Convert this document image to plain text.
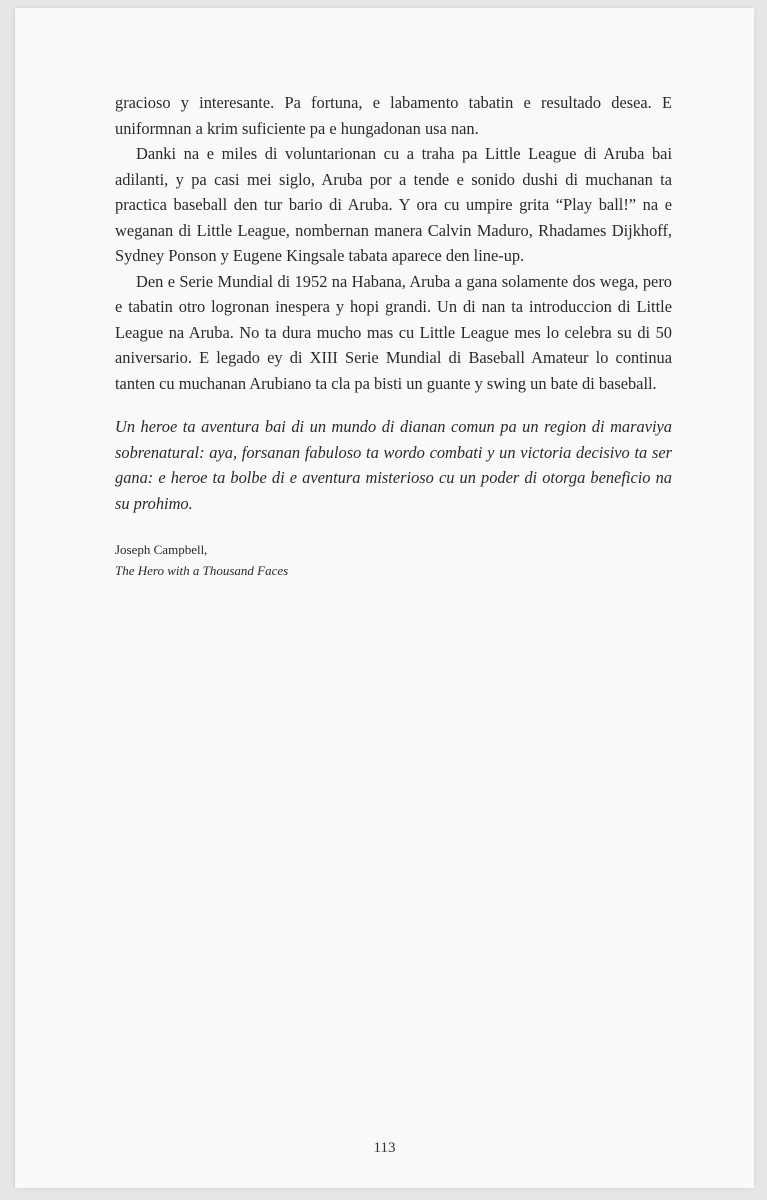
gracioso y interesante. Pa fortuna, e labamento tabatin e resultado desea. E uniformnan a krim suficiente pa e hungadonan usa nan.

Danki na e miles di voluntarionan cu a traha pa Little League di Aruba bai adilanti, y pa casi mei siglo, Aruba por a tende e sonido dushi di muchanan ta practica baseball den tur bario di Aruba. Y ora cu umpire grita “Play ball!” na e weganan di Little League, nombernan manera Calvin Maduro, Rhadames Dijkhoff, Sydney Ponson y Eugene Kingsale tabata aparece den line-up.

Den e Serie Mundial di 1952 na Habana, Aruba a gana solamente dos wega, pero e tabatin otro logronan inespera y hopi grandi. Un di nan ta introduccion di Little League na Aruba. No ta dura mucho mas cu Little League mes lo celebra su di 50 aniversario. E legado ey di XIII Serie Mundial di Baseball Amateur lo continua tanten cu muchanan Arubiano ta cla pa bisti un guante y swing un bate di baseball.

Un heroe ta aventura bai di un mundo di dianan comun pa un region di maraviya sobrenatural: aya, forsanan fabuloso ta wordo combati y un victoria decisivo ta ser gana: e heroe ta bolbe di e aventura misterioso cu un poder di otorga beneficio na su prohimo.
Joseph Campbell,
The Hero with a Thousand Faces
113
